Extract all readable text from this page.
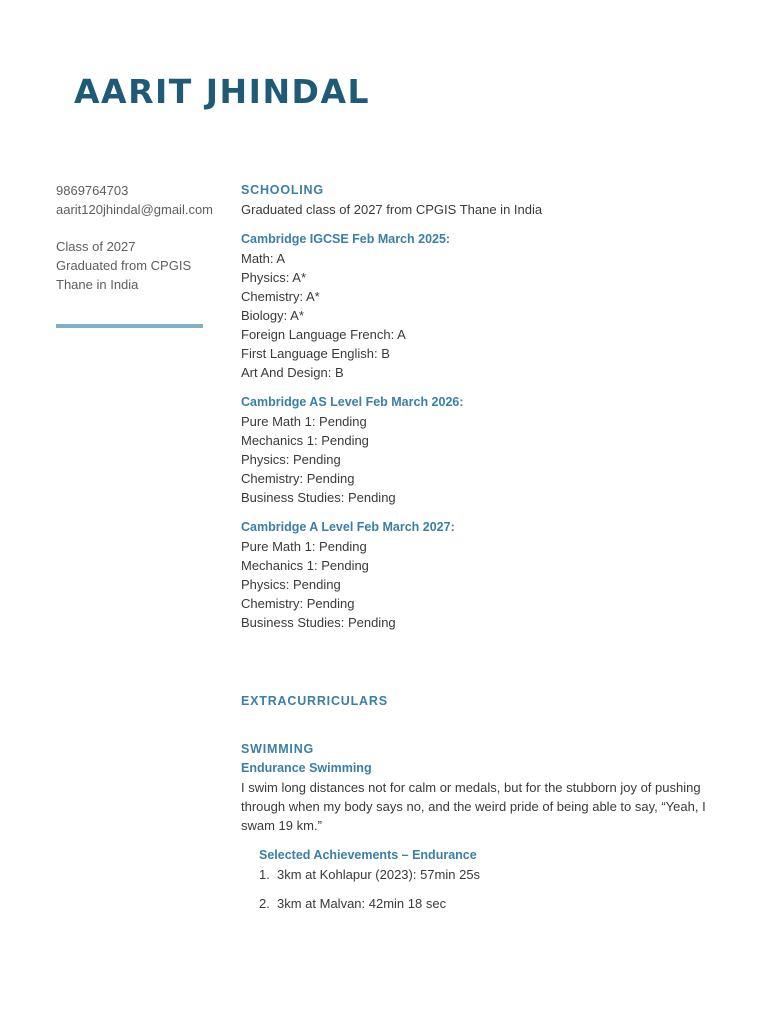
AARIT JHINDAL
9869764703
aarit120jhindal@gmail.com
Class of 2027
Graduated from CPGIS
Thane in India
SCHOOLING
Graduated class of 2027 from CPGIS Thane in India
Cambridge IGCSE Feb March 2025:
Math: A
Physics: A*
Chemistry: A*
Biology: A*
Foreign Language French: A
First Language English: B
Art And Design: B
Cambridge AS Level Feb March 2026:
Pure Math 1: Pending
Mechanics 1: Pending
Physics: Pending
Chemistry: Pending
Business Studies: Pending
Cambridge A Level Feb March 2027:
Pure Math 1: Pending
Mechanics 1: Pending
Physics: Pending
Chemistry: Pending
Business Studies: Pending
EXTRACURRICULARS
SWIMMING
Endurance Swimming
I swim long distances not for calm or medals, but for the stubborn joy of pushing through when my body says no, and the weird pride of being able to say, “Yeah, I swam 19 km.”
Selected Achievements – Endurance
1. 3km at Kohlapur (2023): 57min 25s
2. 3km at Malvan: 42min 18 sec
